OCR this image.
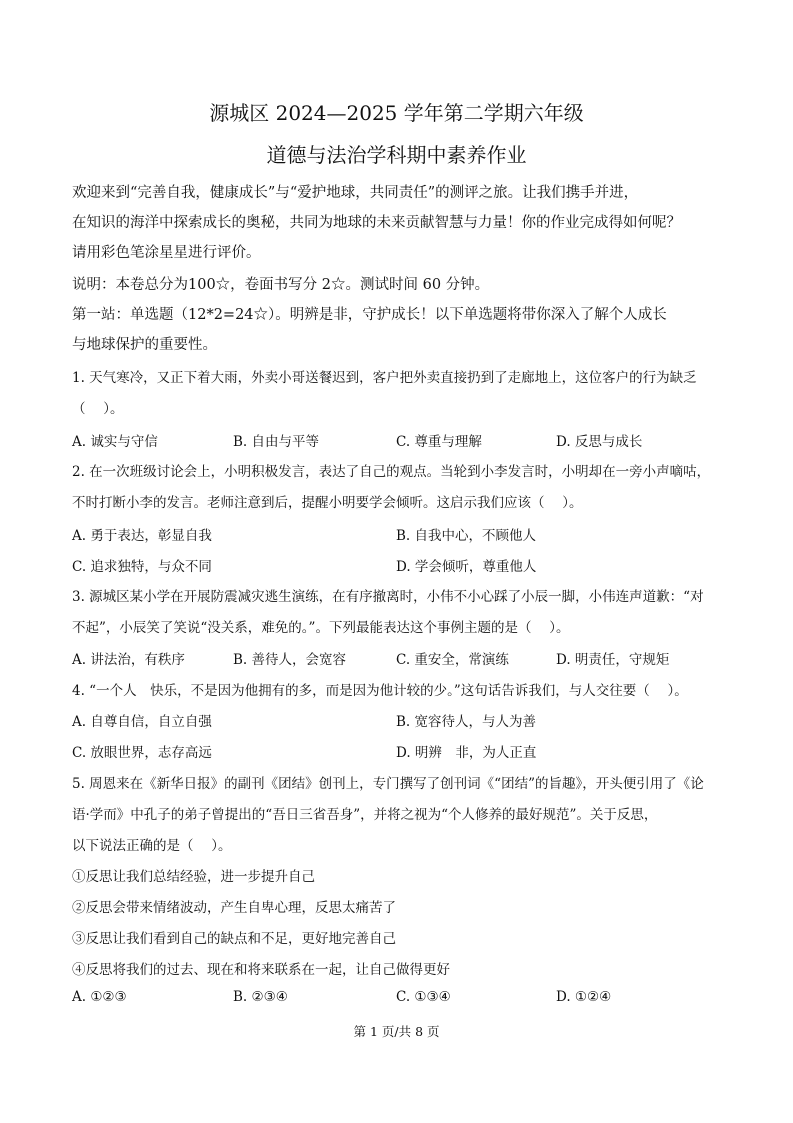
源城区 2024—2025 学年第二学期六年级
道德与法治学科期中素养作业
欢迎来到“完善自我，健康成长”与“爱护地球，共同责任”的测评之旅。让我们携手并进，
在知识的海洋中探索成长的奥秘，共同为地球的未来贡献智慧与力量！你的作业完成得如何呢？
请用彩色笔涂星星进行评价。
说明：本卷总分为100☆，卷面书写分 2☆。测试时间 60 分钟。
第一站：单选题（12*2=24☆）。明辨是非，守护成长！以下单选题将带你深入了解个人成长
与地球保护的重要性。
1. 天气寒冷，又正下着大雨，外卖小哥送餐迟到，客户把外卖直接扔到了走廊地上，这位客户的行为缺乏
（　 ）。
A. 诚实与守信	B. 自由与平等	C. 尊重与理解	D. 反思与成长
2. 在一次班级讨论会上，小明积极发言，表达了自己的观点。当轮到小李发言时，小明却在一旁小声嘀咕，
不时打断小李的发言。老师注意到后，提醒小明要学会倾听。这启示我们应该（　 ）。
A. 勇于表达，彰显自我	B. 自我中心，不顾他人
C. 追求独特，与众不同	D. 学会倾听，尊重他人
3. 源城区某小学在开展防震减灾逃生演练，在有序撤离时，小伟不小心踩了小辰一脚，小伟连声道歉：“对
不起”，小辰笑了笑说“没关系，难免的。”。下列最能表达这个事例主题的是（　 ）。
A. 讲法治，有秩序	B. 善待人，会宽容	C. 重安全，常演练	D. 明责任，守规矩
4. “一个人　快乐，不是因为他拥有的多，而是因为他计较的少。”这句话告诉我们，与人交往要（　 ）。
A. 自尊自信，自立自强	B. 宽容待人，与人为善
C. 放眼世界，志存高远	D. 明辨　非，为人正直
5. 周恩来在《新华日报》的副刊《团结》创刊上，专门撰写了创刊词《“团结”的旨趣》，开头便引用了《论
语·学而》中孔子的弟子曾提出的“吾日三省吾身”，并将之视为“个人修养的最好规范”。关于反思，
以下说法正确的是（　 ）。
①反思让我们总结经验，进一步提升自己
②反思会带来情绪波动，产生自卑心理，反思太痛苦了
③反思让我们看到自己的缺点和不足，更好地完善自己
④反思将我们的过去、现在和将来联系在一起，让自己做得更好
A. ①②③	B. ②③④	C. ①③④	D. ①②④
第 1 页/共 8 页
